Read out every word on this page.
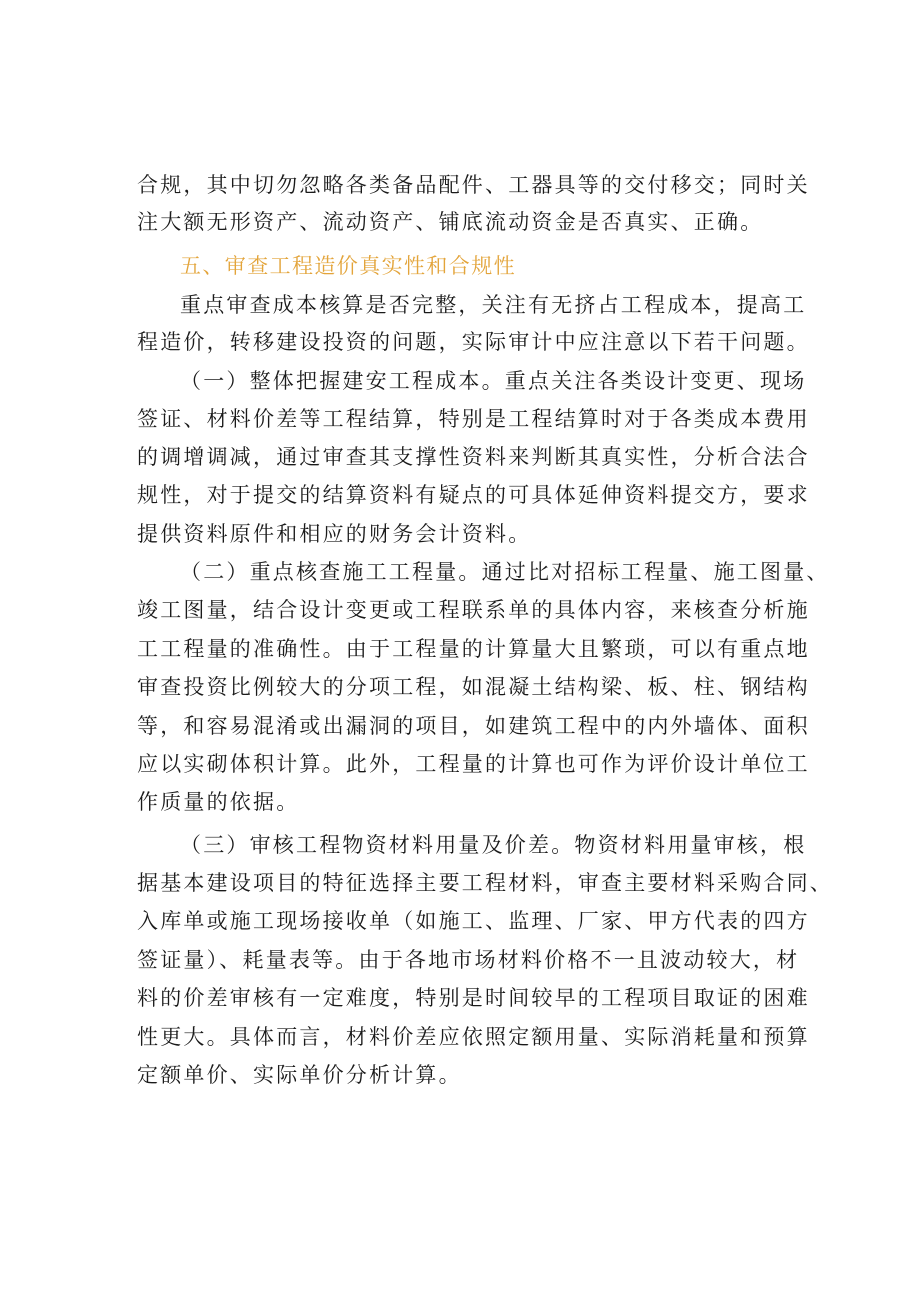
合规，其中切勿忽略各类备品配件、工器具等的交付移交；同时关
注大额无形资产、流动资产、铺底流动资金是否真实、正确。
五、审查工程造价真实性和合规性
重点审查成本核算是否完整，关注有无挤占工程成本，提高工
程造价，转移建设投资的问题，实际审计中应注意以下若干问题。
（一）整体把握建安工程成本。重点关注各类设计变更、现场
签证、材料价差等工程结算，特别是工程结算时对于各类成本费用
的调增调减，通过审查其支撑性资料来判断其真实性，分析合法合
规性，对于提交的结算资料有疑点的可具体延伸资料提交方，要求
提供资料原件和相应的财务会计资料。
（二）重点核查施工工程量。通过比对招标工程量、施工图量、
竣工图量，结合设计变更或工程联系单的具体内容，来核查分析施
工工程量的准确性。由于工程量的计算量大且繁琐，可以有重点地
审查投资比例较大的分项工程，如混凝土结构梁、板、柱、钢结构
等，和容易混淆或出漏洞的项目，如建筑工程中的内外墙体、面积
应以实砌体积计算。此外，工程量的计算也可作为评价设计单位工
作质量的依据。
（三）审核工程物资材料用量及价差。物资材料用量审核，根
据基本建设项目的特征选择主要工程材料，审查主要材料采购合同、
入库单或施工现场接收单（如施工、监理、厂家、甲方代表的四方
签证量）、耗量表等。由于各地市场材料价格不一且波动较大，材
料的价差审核有一定难度，特别是时间较早的工程项目取证的困难
性更大。具体而言，材料价差应依照定额用量、实际消耗量和预算
定额单价、实际单价分析计算。
